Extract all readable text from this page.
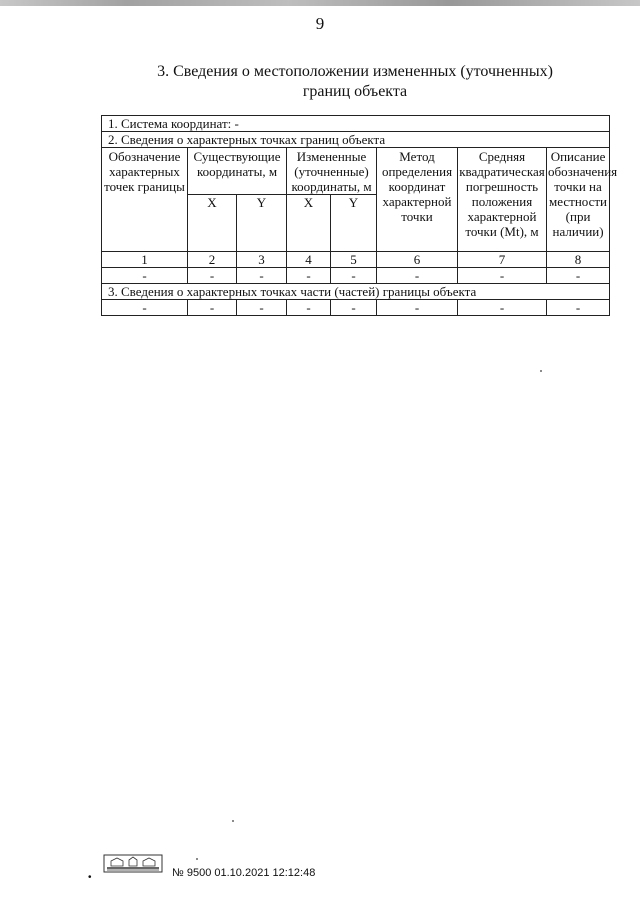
9
3. Сведения о местоположении измененных (уточненных)
границ объекта
1. Система координат: -							
2. Сведения о характерных точках границ объекта							
Обозначение характерных точек границы	Существующие координаты, м		Измененные (уточненные) координаты, м		Метод определения координат характерной точки	Средняя квадратическая погрешность положения характерной точки (Mt), м	Описание обозначения точки на местности (при наличии)
	X	Y	X	Y			
1	2	3	4	5	6	7	8
-	-	-	-	-	-	-	-
3. Сведения о характерных точках части (частей) границы объекта							
-	-	-	-	-	-	-	-
•	№ 9500 01.10.2021 12:12:48
